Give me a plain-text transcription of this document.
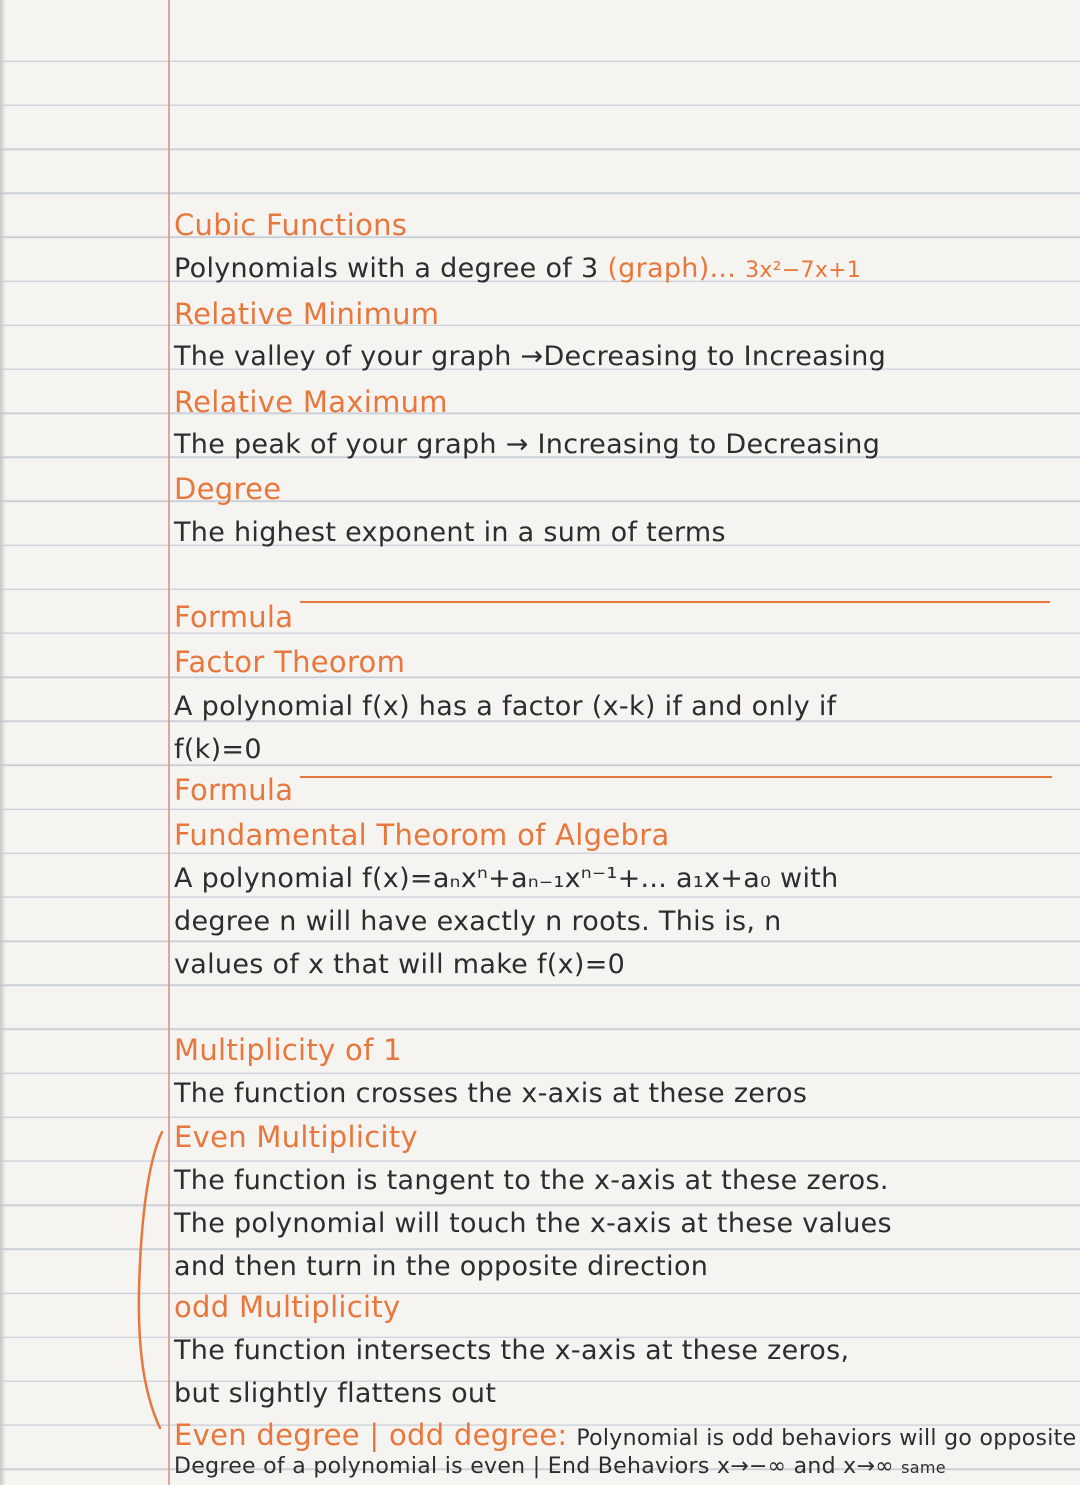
Cubic Functions
Polynomials with a degree of 3 (graph)... 3x²−7x+1
Relative Minimum
The valley of your graph →Decreasing to Increasing
Relative Maximum
The peak of your graph → Increasing to Decreasing
Degree
The highest exponent in a sum of terms
Formula
Factor Theorom
A polynomial f(x) has a factor (x-k) if and only if
f(k)=0
Formula
Fundamental Theorom of Algebra
A polynomial f(x)=aₙxⁿ+aₙ₋₁xⁿ⁻¹+... a₁x+a₀ with
degree n will have exactly n roots. This is, n
values of x that will make f(x)=0
Multiplicity of 1
The function crosses the x-axis at these zeros
Even Multiplicity
The function is tangent to the x-axis at these zeros.
The polynomial will touch the x-axis at these values
and then turn in the opposite direction
odd Multiplicity
The function intersects the x-axis at these zeros,
but slightly flattens out
Even degree | odd degree: Polynomial is odd behaviors will go opposite
Degree of a polynomial is even | End Behaviors x→−∞ and x→∞ same
